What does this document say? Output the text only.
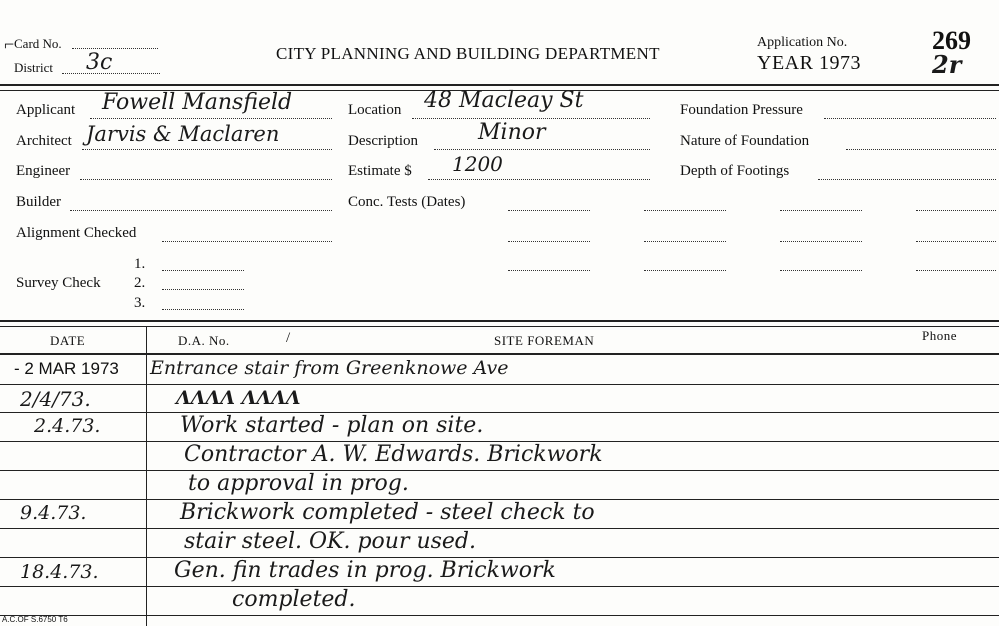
⌐ Card No.
District 3c	CITY PLANNING AND BUILDING DEPARTMENT
Application No.
YEAR 1973
269
2r
Applicant Fowell Mansfield
Architect Jarvis & Maclaren
Engineer
Builder
Alignment Checked
Survey Check
1.
2.
3.
Location 48 Macleay St
Description	Minor
Estimate $ 1200
Conc. Tests (Dates)
Foundation Pressure
Nature of Foundation
Depth of Footings
DATE	D.A. No.	/	SITE FOREMAN	Phone
- 2 MAR 1973 Entrance stair from Greenknowe Ave
2/4/73.	ΛΛΛΛ ΛΛΛΛ
2.4.73.	Work started - plan on site.
Contractor A. W. Edwards. Brickwork
to approval in prog.
9.4.73.	Brickwork completed - steel check to
stair steel. OK. pour used.
18.4.73.	Gen. fin trades in prog. Brickwork
completed.
A.C.OF S.6750 T6
